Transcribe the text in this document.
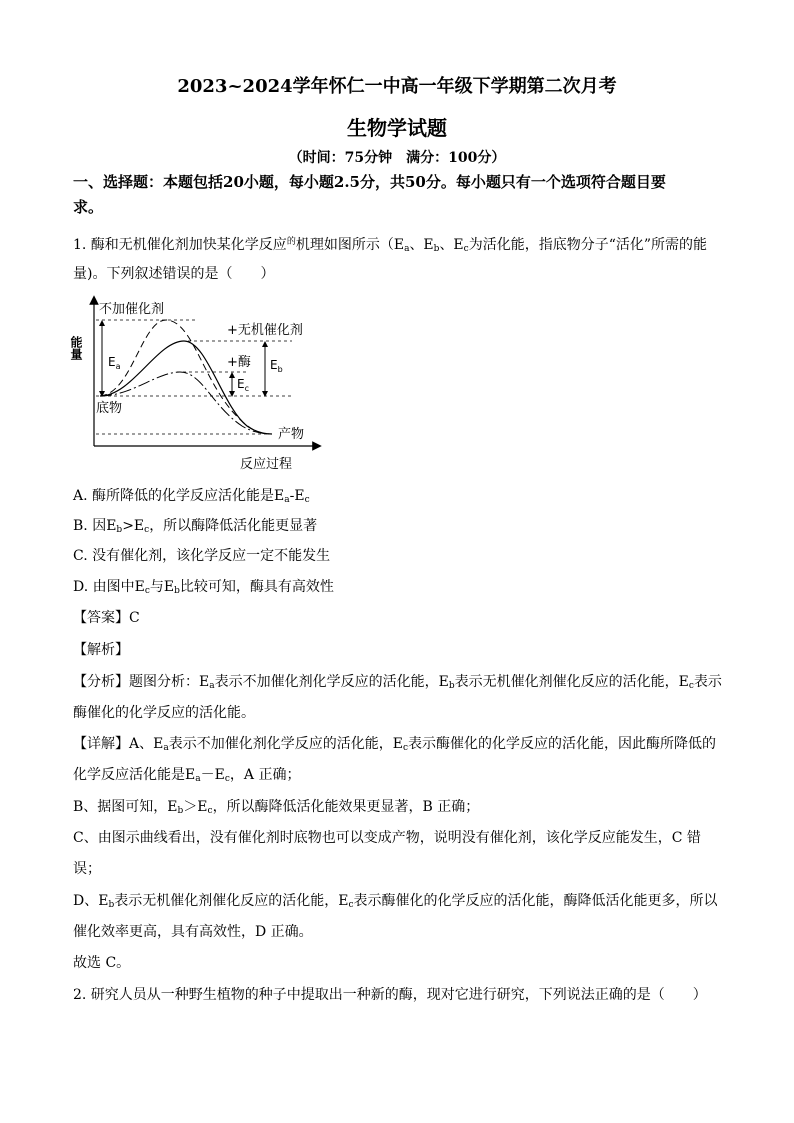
2023~2024学年怀仁一中高一年级下学期第二次月考
生物学试题
（时间：75分钟　满分：100分）
一、选择题：本题包括20小题，每小题2.5分，共50分。每小题只有一个选项符合题目要
求。
1. 酶和无机催化剂加快某化学反应$^的$机理如图所示（$E_a$、$E_b$、$E_c$为活化能，指底物分子“活化”所需的能
量)。下列叙述错误的是（　　）
不加催化剂
+无机催化剂
+酶
底物
产物
反应过程
能量
$E_a$	$E_b$
$E_c$
A. 酶所降低的化学反应活化能是$E_a-E_c$
B. 因$E_b>E_c$，所以酶降低活化能更显著
C. 没有催化剂，该化学反应一定不能发生
D. 由图中$E_c$与$E_b$比较可知，酶具有高效性
【答案】C
【解析】
【分析】题图分析：$E_a$表示不加催化剂化学反应的活化能，$E_b$表示无机催化剂催化反应的活化能，$E_c$表示
酶催化的化学反应的活化能。
【详解】A、$E_a$表示不加催化剂化学反应的活化能，$E_c$表示酶催化的化学反应的活化能，因此酶所降低的
化学反应活化能是$E_a-E_c$，A 正确；
B、据图可知，$E_b>E_c$，所以酶降低活化能效果更显著，B 正确；
C、由图示曲线看出，没有催化剂时底物也可以变成产物，说明没有催化剂，该化学反应能发生，C 错
误；
D、$E_b$表示无机催化剂催化反应的活化能，$E_c$表示酶催化的化学反应的活化能，酶降低活化能更多，所以
催化效率更高，具有高效性，D 正确。
故选 C。
2. 研究人员从一种野生植物的种子中提取出一种新的酶，现对它进行研究，下列说法正确的是（　　）
